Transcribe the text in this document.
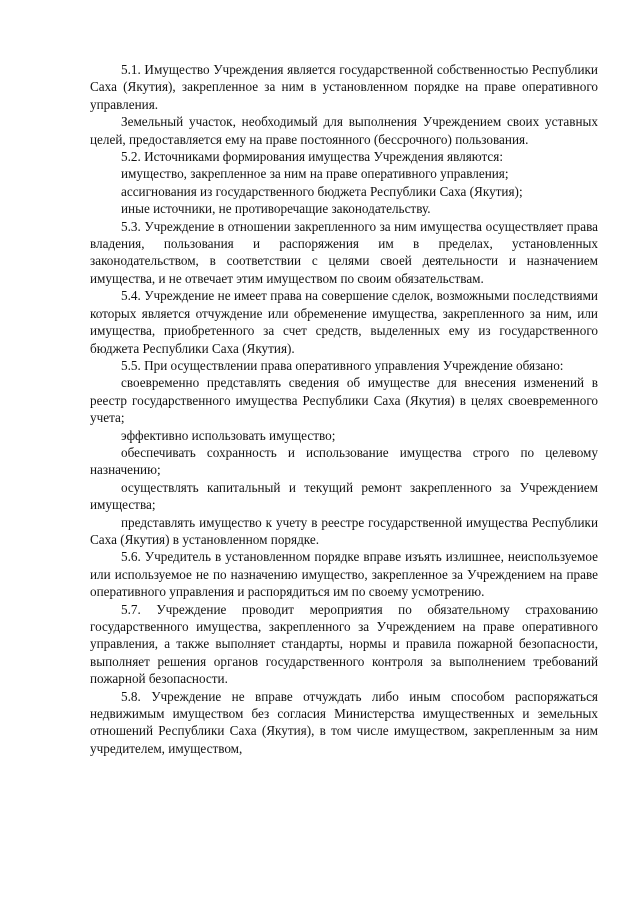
5.1. Имущество Учреждения является государственной собственностью Республики Саха (Якутия), закрепленное за ним в установленном порядке на праве оперативного управления.

Земельный участок, необходимый для выполнения Учреждением своих уставных целей, предоставляется ему на праве постоянного (бессрочного) пользования.

5.2. Источниками формирования имущества Учреждения являются:

имущество, закрепленное за ним на праве оперативного управления;

ассигнования из государственного бюджета Республики Саха (Якутия);

иные источники, не противоречащие законодательству.

5.3. Учреждение в отношении закрепленного за ним имущества осуществляет права владения, пользования и распоряжения им в пределах, установленных законодательством, в соответствии с целями своей деятельности и назначением имущества, и не отвечает этим имуществом по своим обязательствам.

5.4. Учреждение не имеет права на совершение сделок, возможными последствиями которых является отчуждение или обременение имущества, закрепленного за ним, или имущества, приобретенного за счет средств, выделенных ему из государственного бюджета Республики Саха (Якутия).

5.5. При осуществлении права оперативного управления Учреждение обязано:

своевременно представлять сведения об имуществе для внесения изменений в реестр государственного имущества Республики Саха (Якутия) в целях своевременного учета;

эффективно использовать имущество;

обеспечивать сохранность и использование имущества строго по целевому назначению;

осуществлять капитальный и текущий ремонт закрепленного за Учреждением имущества;

представлять имущество к учету в реестре государственной имущества Республики Саха (Якутия) в установленном порядке.

5.6. Учредитель в установленном порядке вправе изъять излишнее, неиспользуемое или используемое не по назначению имущество, закрепленное за Учреждением на праве оперативного управления и распорядиться им по своему усмотрению.

5.7. Учреждение проводит мероприятия по обязательному страхованию государственного имущества, закрепленного за Учреждением на праве оперативного управления, а также выполняет стандарты, нормы и правила пожарной безопасности, выполняет решения органов государственного контроля за выполнением требований пожарной безопасности.

5.8. Учреждение не вправе отчуждать либо иным способом распоряжаться недвижимым имуществом без согласия Министерства имущественных и земельных отношений Республики Саха (Якутия), в том числе имуществом, закрепленным за ним учредителем, имуществом,
